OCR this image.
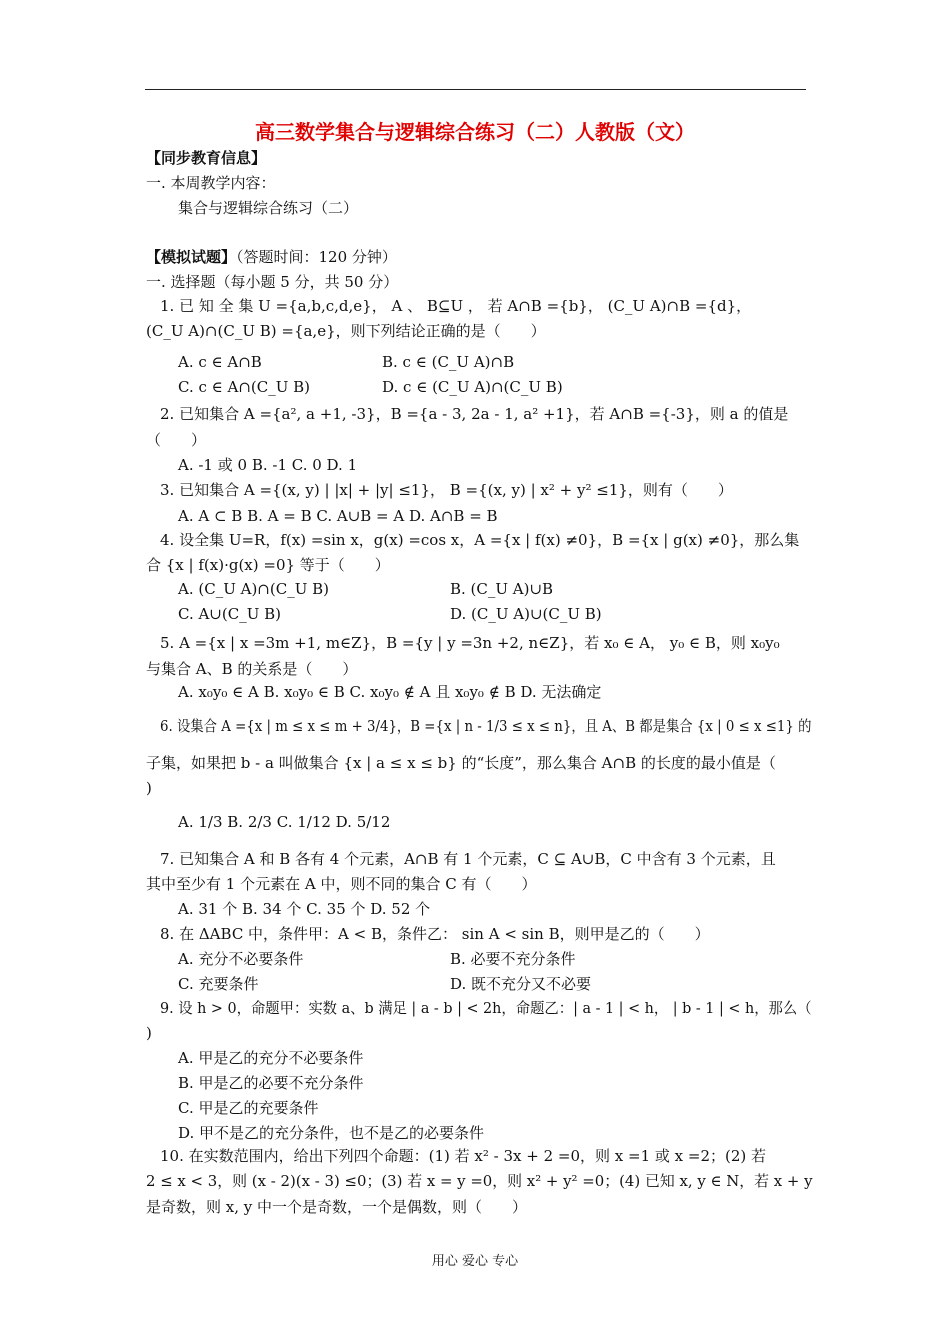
高三数学集合与逻辑综合练习（二）人教版（文）
【同步教育信息】
一. 本周教学内容：
集合与逻辑综合练习（二）
【模拟试题】（答题时间：120 分钟）
一. 选择题（每小题 5 分，共 50 分）
1. 已 知 全 集 U ={a,b,c,d,e}， A 、 B⊆U ， 若 A∩B ={b}， (C_U A)∩B ={d}，
(C_U A)∩(C_U B) ={a,e}，则下列结论正确的是（　　）
A. c ∈ A∩B	B. c ∈ (C_U A)∩B
C. c ∈ A∩(C_U B)	D. c ∈ (C_U A)∩(C_U B)
2. 已知集合 A ={a², a +1, -3}，B ={a - 3, 2a - 1, a² +1}，若 A∩B ={-3}，则 a 的值是
（　　）
A. -1 或 0 B. -1 C. 0 D. 1
3. 已知集合 A ={(x, y) | |x| + |y| ≤1}， B ={(x, y) | x² + y² ≤1}，则有（　　）
A. A ⊂ B B. A = B C. A∪B = A D. A∩B = B
4. 设全集 U=R，f(x) =sin x，g(x) =cos x，A ={x | f(x) ≠0}，B ={x | g(x) ≠0}，那么集
合 {x | f(x)·g(x) =0} 等于（　　）
A. (C_U A)∩(C_U B)	B. (C_U A)∪B
C. A∪(C_U B)	D. (C_U A)∪(C_U B)
5. A ={x | x =3m +1, m∈Z}，B ={y | y =3n +2, n∈Z}，若 x₀ ∈ A， y₀ ∈ B，则 x₀y₀
与集合 A、B 的关系是（　　）
A. x₀y₀ ∈ A B. x₀y₀ ∈ B C. x₀y₀ ∉ A 且 x₀y₀ ∉ B D. 无法确定
6. 设集合 A ={x | m ≤ x ≤ m + 3/4}，B ={x | n - 1/3 ≤ x ≤ n}，且 A、B 都是集合 {x | 0 ≤ x ≤1} 的
子集，如果把 b - a 叫做集合 {x | a ≤ x ≤ b} 的“长度”，那么集合 A∩B 的长度的最小值是（
)
A. 1/3 B. 2/3 C. 1/12 D. 5/12
7. 已知集合 A 和 B 各有 4 个元素，A∩B 有 1 个元素，C ⊆ A∪B，C 中含有 3 个元素，且
其中至少有 1 个元素在 A 中，则不同的集合 C 有（　　）
A. 31 个 B. 34 个 C. 35 个 D. 52 个
8. 在 ΔABC 中，条件甲：A < B，条件乙： sin A < sin B，则甲是乙的（　　）
A. 充分不必要条件	B. 必要不充分条件
C. 充要条件	D. 既不充分又不必要
9. 设 h > 0，命题甲：实数 a、b 满足 | a - b | < 2h，命题乙：| a - 1 | < h， | b - 1 | < h，那么（
)
A. 甲是乙的充分不必要条件
B. 甲是乙的必要不充分条件
C. 甲是乙的充要条件
D. 甲不是乙的充分条件，也不是乙的必要条件
10. 在实数范围内，给出下列四个命题：(1) 若 x² - 3x + 2 =0，则 x =1 或 x =2；(2) 若
2 ≤ x < 3，则 (x - 2)(x - 3) ≤0；(3) 若 x = y =0，则 x² + y² =0；(4) 已知 x, y ∈ N，若 x + y
是奇数，则 x, y 中一个是奇数，一个是偶数，则（　　）
用心 爱心 专心
